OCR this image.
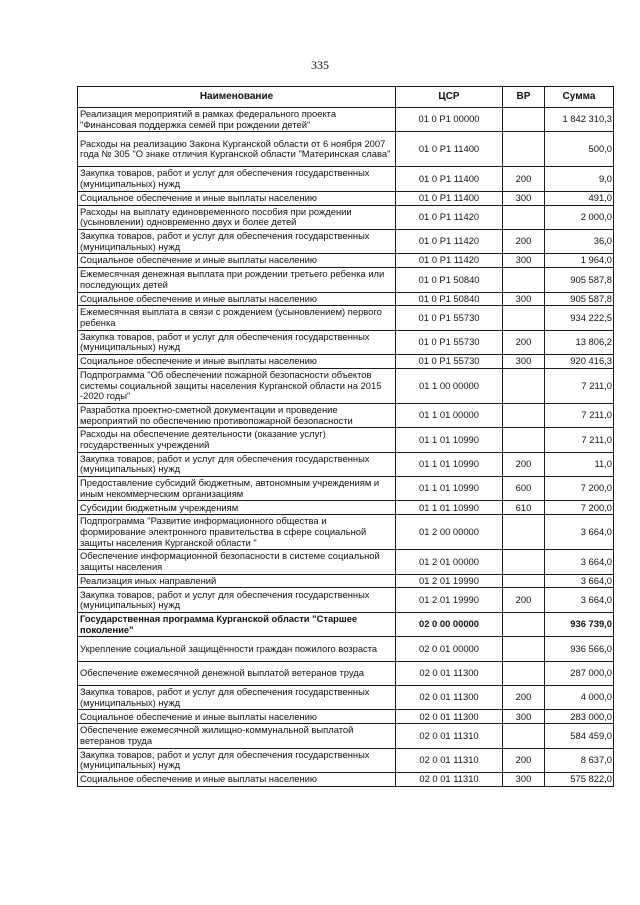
335
Наименование	ЦСР	ВР	Сумма
Реализация мероприятий в рамках федерального проекта "Финансовая поддержка семей при рождении детей"	01 0 Р1 00000		1 842 310,3
Расходы на реализацию Закона Курганской области от 6 ноября 2007 года № 305 "О знаке отличия Курганской области "Материнская слава"	01 0 Р1 11400		500,0
Закупка товаров, работ и услуг для обеспечения государственных (муниципальных) нужд	01 0 Р1 11400	200	9,0
Социальное обеспечение и иные выплаты населению	01 0 Р1 11400	300	491,0
Расходы на выплату единовременного пособия при рождении (усыновлении) одновременно двух и более детей	01 0 Р1 11420		2 000,0
Закупка товаров, работ и услуг для обеспечения государственных (муниципальных) нужд	01 0 Р1 11420	200	36,0
Социальное обеспечение и иные выплаты населению	01 0 Р1 11420	300	1 964,0
Ежемесячная денежная выплата при рождении третьего ребенка или последующих детей	01 0 Р1 50840		905 587,8
Социальное обеспечение и иные выплаты населению	01 0 Р1 50840	300	905 587,8
Ежемесячная выплата в связи с рождением (усыновлением) первого ребенка	01 0 Р1 55730		934 222,5
Закупка товаров, работ и услуг для обеспечения государственных (муниципальных) нужд	01 0 Р1 55730	200	13 806,2
Социальное обеспечение и иные выплаты населению	01 0 Р1 55730	300	920 416,3
Подпрограмма "Об обеспечении пожарной безопасности объектов системы социальной защиты населения Курганской области на 2015 -2020 годы"	01 1 00 00000		7 211,0
Разработка проектно-сметной документации и проведение мероприятий по обеспечению противопожарной безопасности	01 1 01 00000		7 211,0
Расходы на обеспечение деятельности (оказание услуг) государственных учреждений	01 1 01 10990		7 211,0
Закупка товаров, работ и услуг для обеспечения государственных (муниципальных) нужд	01 1 01 10990	200	11,0
Предоставление субсидий бюджетным, автономным учреждениям и иным некоммерческим организациям	01 1 01 10990	600	7 200,0
Субсидии бюджетным учреждениям	01 1 01 10990	610	7 200,0
Подпрограмма "Развитие информационного общества и формирование электронного правительства в сфере социальной защиты населения Курганской области "	01 2 00 00000		3 664,0
Обеспечение информационной безопасности в системе социальной защиты населения	01 2 01 00000		3 664,0
Реализация иных направлений	01 2 01 19990		3 664,0
Закупка товаров, работ и услуг для обеспечения государственных (муниципальных) нужд	01 2 01 19990	200	3 664,0
Государственная программа Курганской области "Старшее поколение"	02 0 00 00000		936 739,0
Укрепление социальной защищённости граждан пожилого возраста	02 0 01 00000		936 566,0
Обеспечение ежемесячной денежной выплатой ветеранов труда	02 0 01 11300		287 000,0
Закупка товаров, работ и услуг для обеспечения государственных (муниципальных) нужд	02 0 01 11300	200	4 000,0
Социальное обеспечение и иные выплаты населению	02 0 01 11300	300	283 000,0
Обеспечение ежемесячной жилищно-коммунальной выплатой ветеранов труда	02 0 01 11310		584 459,0
Закупка товаров, работ и услуг для обеспечения государственных (муниципальных) нужд	02 0 01 11310	200	8 637,0
Социальное обеспечение и иные выплаты населению	02 0 01 11310	300	575 822,0
